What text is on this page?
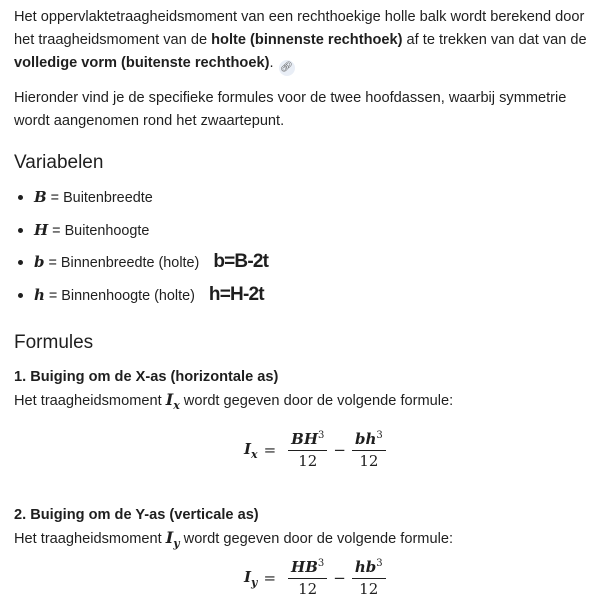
Het oppervlaktetraagheidsmoment van een rechthoekige holle balk wordt berekend door het traagheidsmoment van de holte (binnenste rechthoek) af te trekken van dat van de volledige vorm (buitenste rechthoek). 🔗︎

Hieronder vind je de specifieke formules voor de twee hoofdassen, waarbij symmetrie wordt aangenomen rond het zwaartepunt.

Variabelen
B = Buitenbreedte
H = Buitenhoogte
b = Binnenbreedte (holte) b=B-2t
h = Binnenhoogte (holte) h=H-2t
Formules
1. Buiging om de X-as (horizontale as)

Het traagheidsmoment $I_x$ wordt gegeven door de volgende formule:

2. Buiging om de Y-as (verticale as)

Het traagheidsmoment $I_y$ wordt gegeven door de volgende formule:

$I_x = \frac{BH^3}{12} - \frac{bh^3}{12}$
$I_y = \frac{HB^3}{12} - \frac{hb^3}{12}$
